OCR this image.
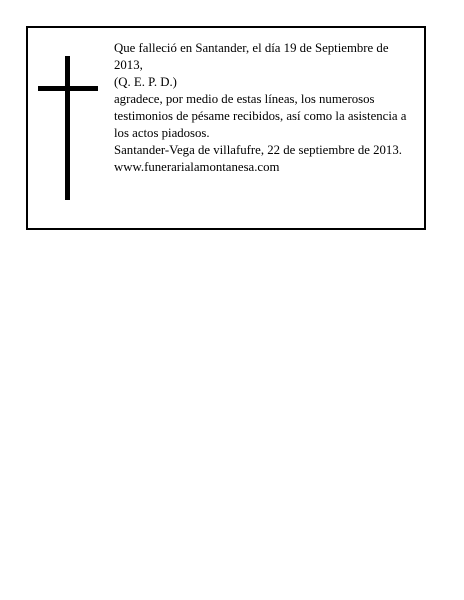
Que falleció en Santander, el día 19 de Septiembre de 2013,

(Q. E. P. D.)

agradece, por medio de estas líneas, los numerosos testimonios de pésame recibidos, así como la asistencia a los actos piadosos.

Santander-Vega de villafufre, 22 de septiembre de 2013. www.funerarialamontanesa.com
